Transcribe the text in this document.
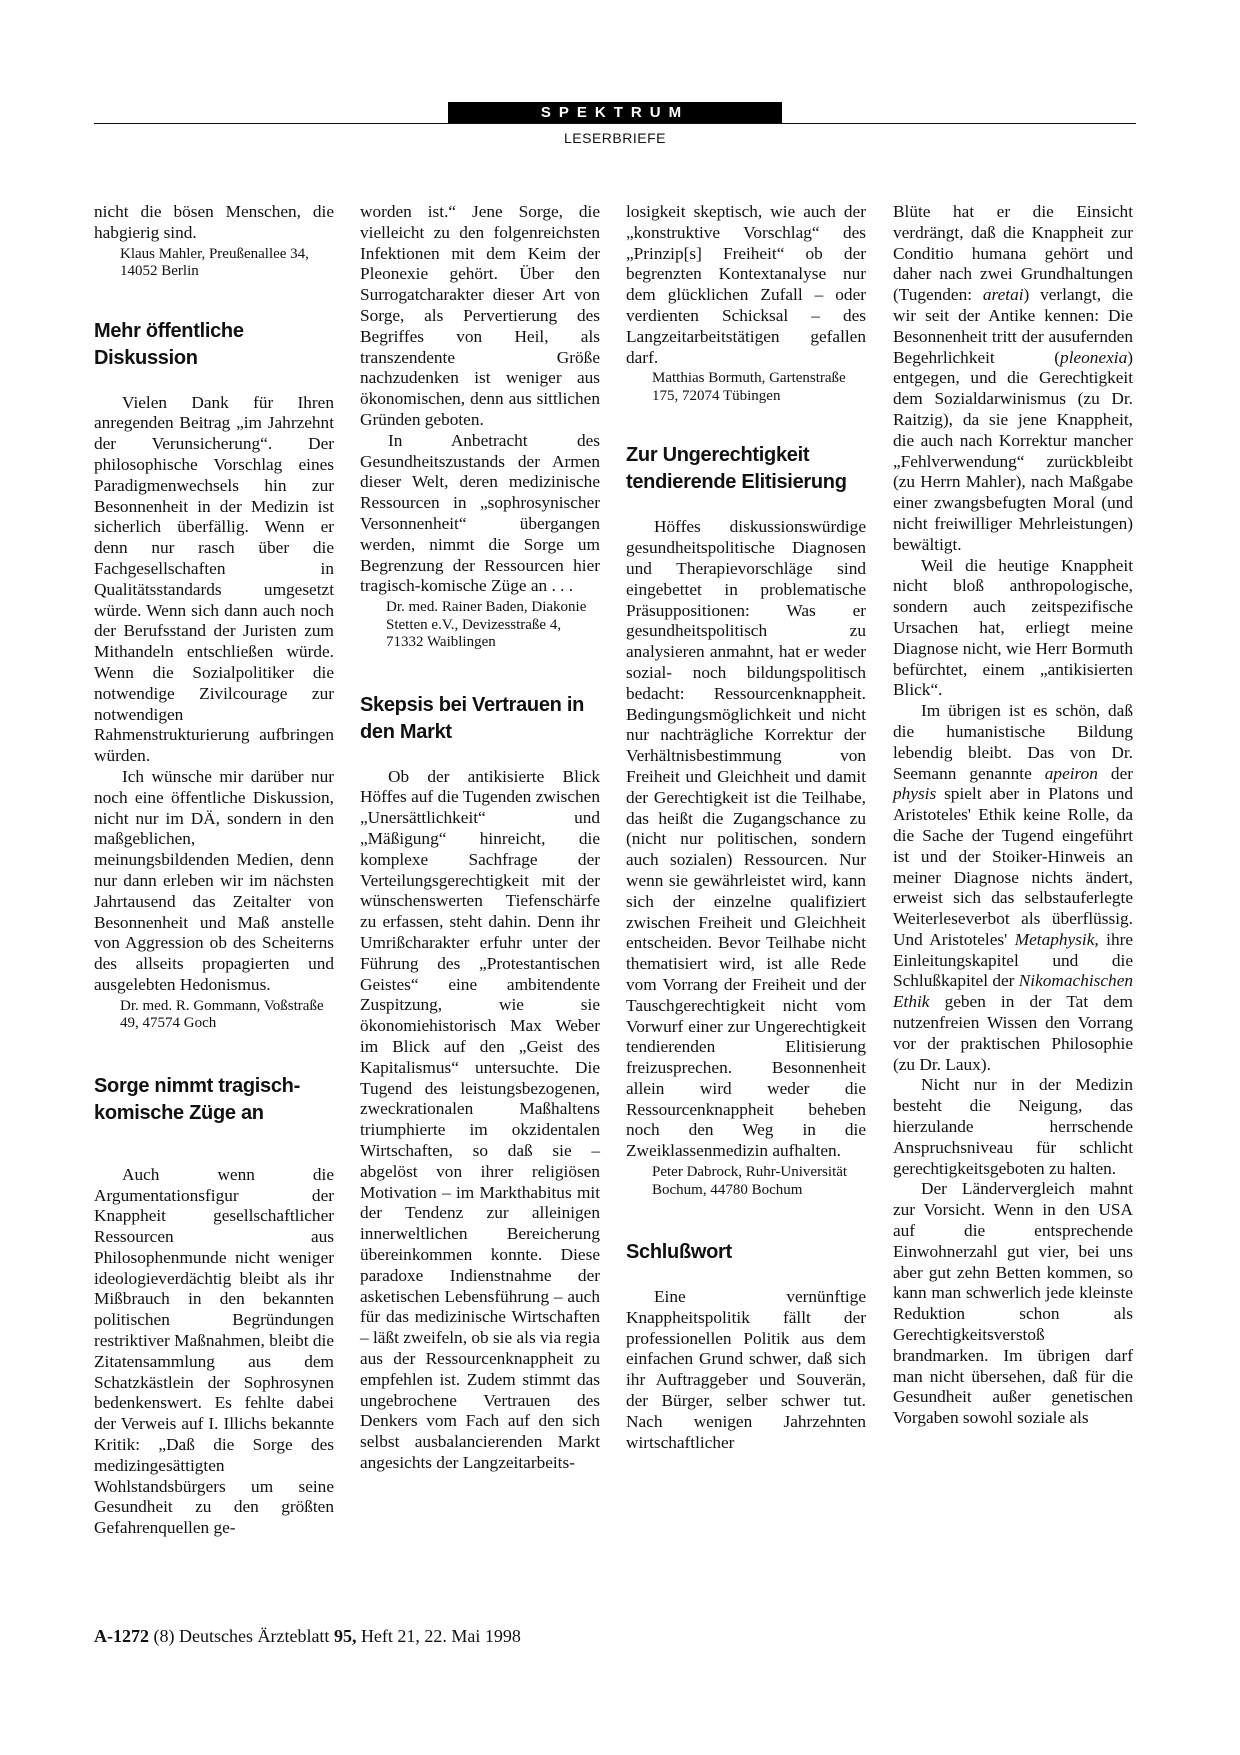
SPEKTRUM
LESERBRIEFE

nicht die bösen Menschen, die habgierig sind.

Klaus Mahler, Preußenallee 34, 14052 Berlin

Mehr öffentliche Diskussion

Vielen Dank für Ihren anregenden Beitrag „im Jahrzehnt der Verunsicherung“. Der philosophische Vorschlag eines Paradigmenwechsels hin zur Besonnenheit in der Medizin ist sicherlich überfällig. Wenn er denn nur rasch über die Fachgesellschaften in Qualitätsstandards umgesetzt würde. Wenn sich dann auch noch der Berufsstand der Juristen zum Mithandeln entschließen würde. Wenn die Sozialpolitiker die notwendige Zivilcourage zur notwendigen Rahmenstrukturierung aufbringen würden.

Ich wünsche mir darüber nur noch eine öffentliche Diskussion, nicht nur im DÄ, sondern in den maßgeblichen, meinungsbildenden Medien, denn nur dann erleben wir im nächsten Jahrtausend das Zeitalter von Besonnenheit und Maß anstelle von Aggression ob des Scheiterns des allseits propagierten und ausgelebten Hedonismus.

Dr. med. R. Gommann, Voßstraße 49, 47574 Goch

Sorge nimmt tragisch-komische Züge an

Auch wenn die Argumentationsfigur der Knappheit gesellschaftlicher Ressourcen aus Philosophenmunde nicht weniger ideologieverdächtig bleibt als ihr Mißbrauch in den bekannten politischen Begründungen restriktiver Maßnahmen, bleibt die Zitatensammlung aus dem Schatzkästlein der Sophrosynen bedenkenswert. Es fehlte dabei der Verweis auf I. Illichs bekannte Kritik: „Daß die Sorge des medizingesättigten Wohlstandsbürgers um seine Gesundheit zu den größten Gefahrenquellen ge-

worden ist.“ Jene Sorge, die vielleicht zu den folgenreichsten Infektionen mit dem Keim der Pleonexie gehört. Über den Surrogatcharakter dieser Art von Sorge, als Pervertierung des Begriffes von Heil, als transzendente Größe nachzudenken ist weniger aus ökonomischen, denn aus sittlichen Gründen geboten.

In Anbetracht des Gesundheitszustands der Armen dieser Welt, deren medizinische Ressourcen in „sophrosynischer Versonnenheit“ übergangen werden, nimmt die Sorge um Begrenzung der Ressourcen hier tragisch-komische Züge an . . .

Dr. med. Rainer Baden, Diakonie Stetten e.V., Devizesstraße 4, 71332 Waiblingen

Skepsis bei Vertrauen in den Markt

Ob der antikisierte Blick Höffes auf die Tugenden zwischen „Unersättlichkeit“ und „Mäßigung“ hinreicht, die komplexe Sachfrage der Verteilungsgerechtigkeit mit der wünschenswerten Tiefenschärfe zu erfassen, steht dahin. Denn ihr Umrißcharakter erfuhr unter der Führung des „Protestantischen Geistes“ eine ambitendente Zuspitzung, wie sie ökonomiehistorisch Max Weber im Blick auf den „Geist des Kapitalismus“ untersuchte. Die Tugend des leistungsbezogenen, zweckrationalen Maßhaltens triumphierte im okzidentalen Wirtschaften, so daß sie – abgelöst von ihrer religiösen Motivation – im Markthabitus mit der Tendenz zur alleinigen innerweltlichen Bereicherung übereinkommen konnte. Diese paradoxe Indienstnahme der asketischen Lebensführung – auch für das medizinische Wirtschaften – läßt zweifeln, ob sie als via regia aus der Ressourcenknappheit zu empfehlen ist. Zudem stimmt das ungebrochene Vertrauen des Denkers vom Fach auf den sich selbst ausbalancierenden Markt angesichts der Langzeitarbeits-

losigkeit skeptisch, wie auch der „konstruktive Vorschlag“ des „Prinzip[s] Freiheit“ ob der begrenzten Kontextanalyse nur dem glücklichen Zufall – oder verdienten Schicksal – des Langzeitarbeitstätigen gefallen darf.

Matthias Bormuth, Gartenstraße 175, 72074 Tübingen

Zur Ungerechtigkeit tendierende Elitisierung

Höffes diskussionswürdige gesundheitspolitische Diagnosen und Therapievorschläge sind eingebettet in problematische Präsuppositionen: Was er gesundheitspolitisch zu analysieren anmahnt, hat er weder sozial- noch bildungspolitisch bedacht: Ressourcenknappheit. Bedingungsmöglichkeit und nicht nur nachträgliche Korrektur der Verhältnisbestimmung von Freiheit und Gleichheit und damit der Gerechtigkeit ist die Teilhabe, das heißt die Zugangschance zu (nicht nur politischen, sondern auch sozialen) Ressourcen. Nur wenn sie gewährleistet wird, kann sich der einzelne qualifiziert zwischen Freiheit und Gleichheit entscheiden. Bevor Teilhabe nicht thematisiert wird, ist alle Rede vom Vorrang der Freiheit und der Tauschgerechtigkeit nicht vom Vorwurf einer zur Ungerechtigkeit tendierenden Elitisierung freizusprechen. Besonnenheit allein wird weder die Ressourcenknappheit beheben noch den Weg in die Zweiklassenmedizin aufhalten.

Peter Dabrock, Ruhr-Universität Bochum, 44780 Bochum

Schlußwort

Eine vernünftige Knappheitspolitik fällt der professionellen Politik aus dem einfachen Grund schwer, daß sich ihr Auftraggeber und Souverän, der Bürger, selber schwer tut. Nach wenigen Jahrzehnten wirtschaftlicher

Blüte hat er die Einsicht verdrängt, daß die Knappheit zur Conditio humana gehört und daher nach zwei Grundhaltungen (Tugenden: aretai) verlangt, die wir seit der Antike kennen: Die Besonnenheit tritt der ausufernden Begehrlichkeit (pleonexia) entgegen, und die Gerechtigkeit dem Sozialdarwinismus (zu Dr. Raitzig), da sie jene Knappheit, die auch nach Korrektur mancher „Fehlverwendung“ zurückbleibt (zu Herrn Mahler), nach Maßgabe einer zwangsbefugten Moral (und nicht freiwilliger Mehrleistungen) bewältigt.

Weil die heutige Knappheit nicht bloß anthropologische, sondern auch zeitspezifische Ursachen hat, erliegt meine Diagnose nicht, wie Herr Bormuth befürchtet, einem „antikisierten Blick“.

Im übrigen ist es schön, daß die humanistische Bildung lebendig bleibt. Das von Dr. Seemann genannte apeiron der physis spielt aber in Platons und Aristoteles' Ethik keine Rolle, da die Sache der Tugend eingeführt ist und der Stoiker-Hinweis an meiner Diagnose nichts ändert, erweist sich das selbstauferlegte Weiterleseverbot als überflüssig. Und Aristoteles' Metaphysik, ihre Einleitungskapitel und die Schlußkapitel der Nikomachischen Ethik geben in der Tat dem nutzenfreien Wissen den Vorrang vor der praktischen Philosophie (zu Dr. Laux).

Nicht nur in der Medizin besteht die Neigung, das hierzulande herrschende Anspruchsniveau für schlicht gerechtigkeitsgeboten zu halten.

Der Ländervergleich mahnt zur Vorsicht. Wenn in den USA auf die entsprechende Einwohnerzahl gut vier, bei uns aber gut zehn Betten kommen, so kann man schwerlich jede kleinste Reduktion schon als Gerechtigkeitsverstoß brandmarken. Im übrigen darf man nicht übersehen, daß für die Gesundheit außer genetischen Vorgaben sowohl soziale als

A-1272 (8) Deutsches Ärzteblatt 95, Heft 21, 22. Mai 1998
